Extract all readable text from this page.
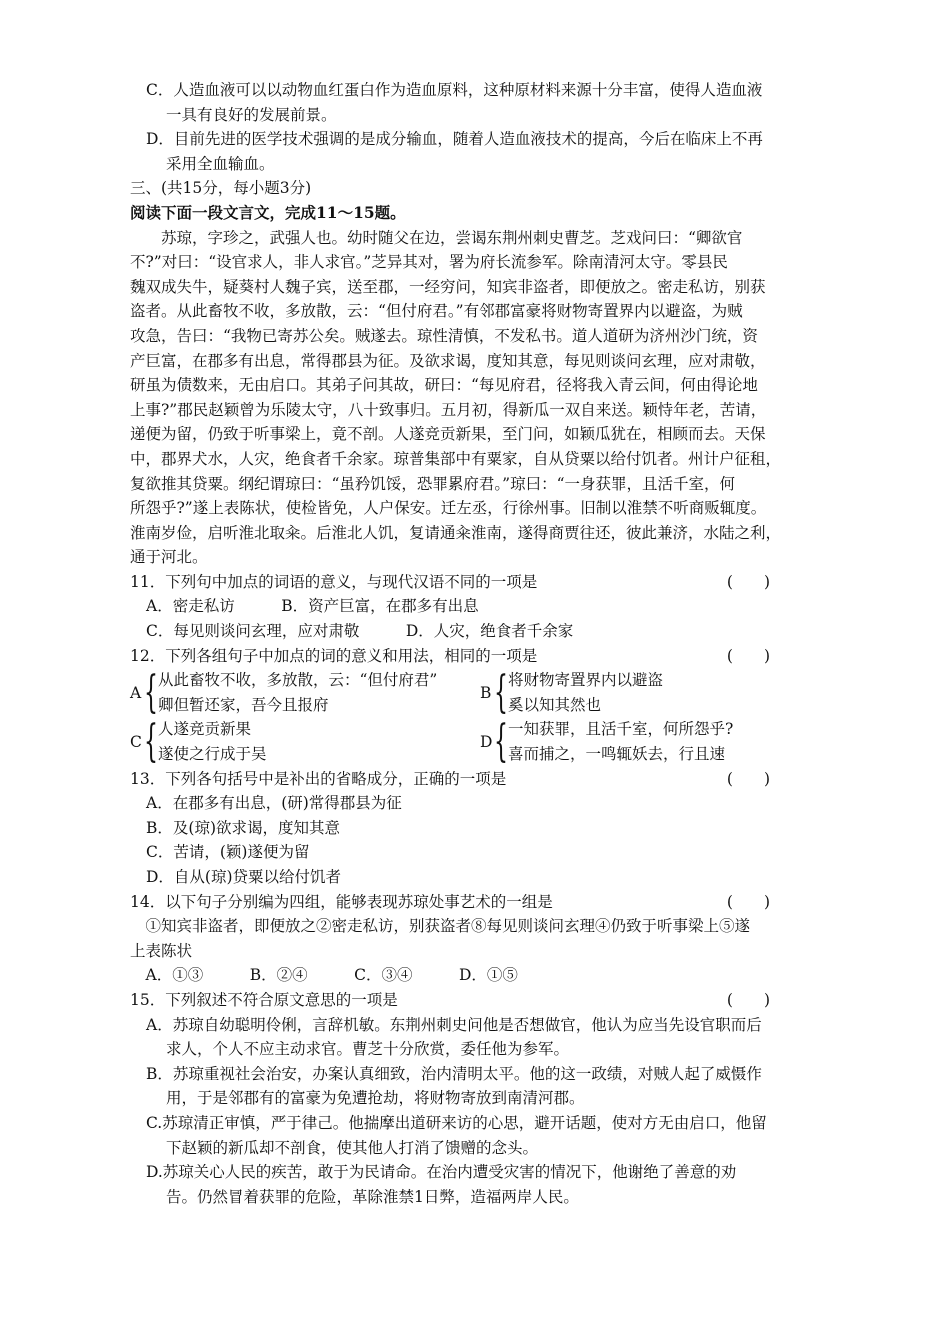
C．人造血液可以以动物血红蛋白作为造血原料，这种原材料来源十分丰富，使得人造血液
一具有良好的发展前景。
D．目前先进的医学技术强调的是成分输血，随着人造血液技术的提高，今后在临床上不再
采用全血输血。
三、(共15分，每小题3分)
阅读下面一段文言文，完成11～15题。
　　苏琼，字珍之，武强人也。幼时随父在边，尝谒东荆州刺史曹芝。芝戏问曰：“卿欲官
不?”对曰：“设官求人，非人求官。”芝异其对，署为府长流参军。除南清河太守。零县民
魏双成失牛，疑葵村人魏子宾，送至郡，一经穷问，知宾非盗者，即便放之。密走私访，别获
盗者。从此畜牧不收，多放散，云：“但付府君。”有邻郡富豪将财物寄置界内以避盗，为贼
攻急，告曰：“我物已寄苏公矣。贼遂去。琼性清慎，不发私书。道人道研为济州沙门统，资
产巨富，在郡多有出息，常得郡县为征。及欲求谒，度知其意，每见则谈问玄理，应对肃敬，
研虽为债数来，无由启口。其弟子问其故，研曰：“每见府君，径将我入青云间，何由得论地
上事?”郡民赵颖曾为乐陵太守，八十致事归。五月初，得新瓜一双自来送。颖恃年老，苦请，
递便为留，仍致于听事梁上，竟不剖。人遂竞贡新果，至门问，如颖瓜犹在，相顾而去。天保
中，郡界犬水，人灾，绝食者千余家。琼普集部中有粟家，自从贷粟以给付饥者。州计户征租，
复欲推其贷粟。纲纪谓琼曰：“虽矜饥馁，恐罪累府君。”琼曰：“一身获罪，且活千室，何
所怨乎?”遂上表陈状，使检皆免，人户保安。迁左丞，行徐州事。旧制以淮禁不听商贩辄度。
淮南岁俭，启听淮北取籴。后淮北人饥，复请通籴淮南，遂得商贾往还，彼此兼济，水陆之利，
通于河北。
11．下列句中加点的词语的意义，与现代汉语不同的一项是	(　　)
A．密走私访　　　B．资产巨富，在郡多有出息
C．每见则谈问玄理，应对肃敬　　　D．人灾，绝食者千余家
12．下列各组句子中加点的词的意义和用法，相同的一项是	(　　)
A { 从此畜牧不收，多放散，云：“但付府君”
卿但暂还家，吾今且报府
B { 将财物寄置界内以避盗
奚以知其然也
C { 人遂竞贡新果
遂使之行成于吴
D { 一知获罪，且活千室，何所怨乎?
喜而捕之，一鸣辄妖去，行且速
13．下列各句括号中是补出的省略成分，正确的一项是	(　　)
A．在郡多有出息，(研)常得郡县为征
B．及(琼)欲求谒，度知其意
C．苦请，(颖)遂便为留
D．自从(琼)贷粟以给付饥者
14．以下句子分别编为四组，能够表现苏琼处事艺术的一组是	(　　)
　①知宾非盗者，即便放之②密走私访，别获盗者⑧每见则谈问玄理④仍致于听事梁上⑤遂
上表陈状
　A．①③　　　B．②④　　　C．③④　　　D．①⑤
15．下列叙述不符合原文意思的一项是	(　　)
A．苏琼自幼聪明伶俐，言辞机敏。东荆州刺史问他是否想做官，他认为应当先设官职而后
求人，个人不应主动求官。曹芝十分欣赏，委任他为参军。
B．苏琼重视社会治安，办案认真细致，治内清明太平。他的这一政绩，对贼人起了威慑作
用，于是邻郡有的富豪为免遭抢劫，将财物寄放到南清河郡。
C.苏琼清正审慎，严于律己。他揣摩出道研来访的心思，避开话题，使对方无由启口，他留
下赵颖的新瓜却不剖食，使其他人打消了馈赠的念头。
D.苏琼关心人民的疾苦，敢于为民请命。在治内遭受灾害的情况下，他谢绝了善意的劝
告。仍然冒着获罪的危险，革除淮禁1日弊，造福两岸人民。
